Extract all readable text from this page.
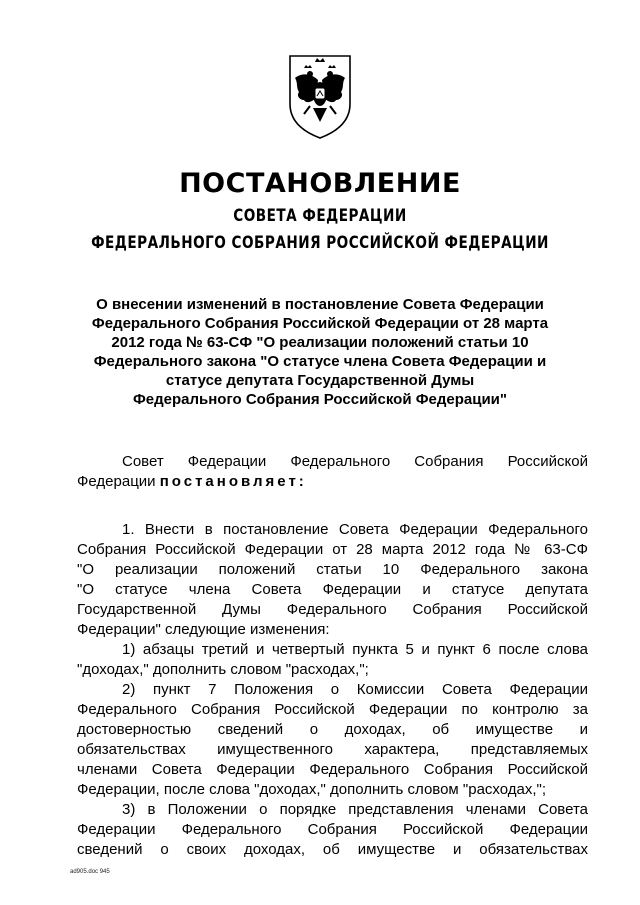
ПОСТАНОВЛЕНИЕ
СОВЕТА ФЕДЕРАЦИИ
ФЕДЕРАЛЬНОГО СОБРАНИЯ РОССИЙСКОЙ ФЕДЕРАЦИИ
О внесении изменений в постановление Совета Федерации
Федерального Собрания Российской Федерации от 28 марта
2012 года № 63-СФ "О реализации положений статьи 10
Федерального закона "О статусе члена Совета Федерации и
статусе депутата Государственной Думы
Федерального Собрания Российской Федерации"
Совет Федерации Федерального Собрания Российской
Федерации постановляет:
1. Внести в постановление Совета Федерации Федерального
Собрания Российской Федерации от 28 марта 2012 года № 63-СФ
"О реализации положений статьи 10 Федерального закона
"О статусе члена Совета Федерации и статусе депутата
Государственной Думы Федерального Собрания Российской
Федерации" следующие изменения:
1) абзацы третий и четвертый пункта 5 и пункт 6 после слова
"доходах," дополнить словом "расходах,";
2) пункт 7 Положения о Комиссии Совета Федерации
Федерального Собрания Российской Федерации по контролю за
достоверностью сведений о доходах, об имуществе и
обязательствах имущественного характера, представляемых
членами Совета Федерации Федерального Собрания Российской
Федерации, после слова "доходах," дополнить словом "расходах,";
3) в Положении о порядке представления членами Совета
Федерации Федерального Собрания Российской Федерации
сведений о своих доходах, об имуществе и обязательствах
ad905.doc 945
